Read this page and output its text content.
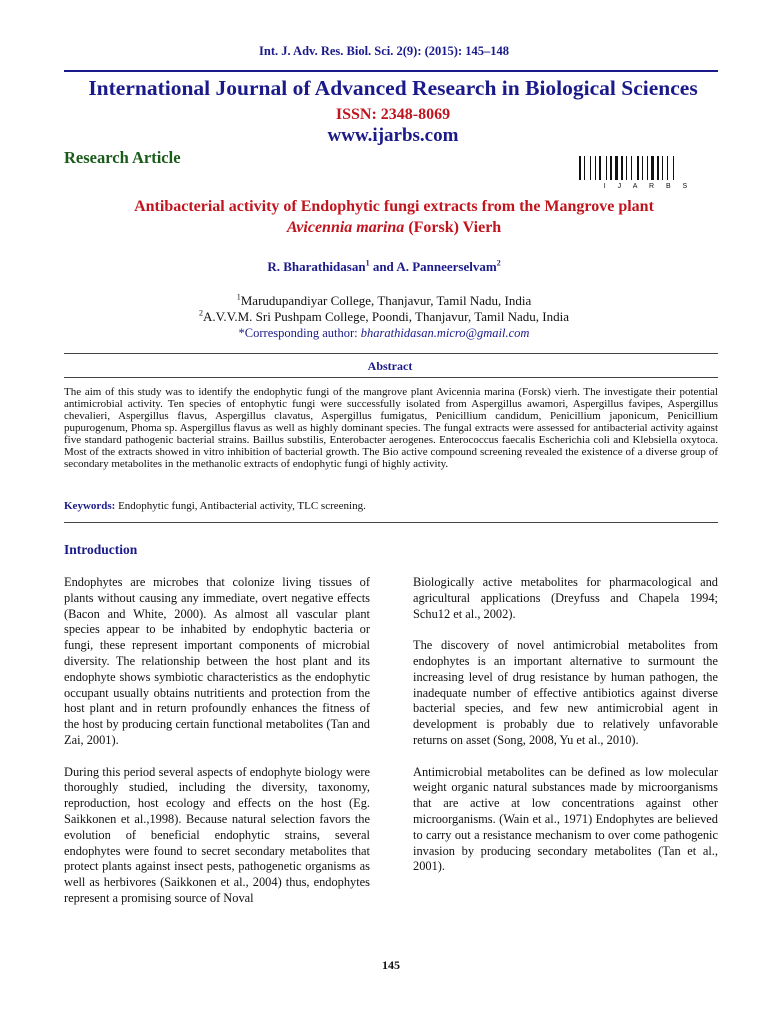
Int. J. Adv. Res. Biol. Sci. 2(9): (2015): 145–148
International Journal of Advanced Research in Biological Sciences
ISSN: 2348-8069
www.ijarbs.com
Research Article
I J A R B S
Antibacterial activity of Endophytic fungi extracts from the Mangrove plant
Avicennia marina (Forsk) Vierh
R. Bharathidasan$^1$ and A. Panneerselvam$^2$
$^1$Marudupandiyar College, Thanjavur, Tamil Nadu, India
$^2$A.V.V.M. Sri Pushpam College, Poondi, Thanjavur, Tamil Nadu, India
*Corresponding author: bharathidasan.micro@gmail.com
Abstract
The aim of this study was to identify the endophytic fungi of the mangrove plant Avicennia marina (Forsk) vierh. The investigate their potential antimicrobial activity. Ten species of entophytic fungi were successfully isolated from Aspergillus awamori, Aspergillus favipes, Aspergillus chevalieri, Aspergillus flavus, Aspergillus clavatus, Aspergillus fumigatus, Penicillium candidum, Penicillium japonicum, Penicillium pupurogenum, Phoma sp. Aspergillus flavus as well as highly dominant species. The fungal extracts were assessed for antibacterial activity against five standard pathogenic bacterial strains. Baillus substilis, Enterobacter aerogenes. Enterococcus faecalis Escherichia coli and Klebsiella oxytoca. Most of the extracts showed in vitro inhibition of bacterial growth. The Bio active compound screening revealed the existence of a diverse group of secondary metabolites in the methanolic extracts of endophytic fungi of highly activity.
Keywords: Endophytic fungi, Antibacterial activity, TLC screening.
Introduction

Endophytes are microbes that colonize living tissues of plants without causing any immediate, overt negative effects (Bacon and White, 2000). As almost all vascular plant species appear to be inhabited by endophytic bacteria or fungi, these represent important components of microbial diversity. The relationship between the host plant and its endophyte shows symbiotic characteristics as the endophytic occupant usually obtains nutritients and protection from the host plant and in return profoundly enhances the fitness of the host by producing certain functional metabolites (Tan and Zai, 2001).

During this period several aspects of endophyte biology were thoroughly studied, including the diversity, taxonomy, reproduction, host ecology and effects on the host (Eg. Saikkonen et al.,1998). Because natural selection favors the evolution of beneficial endophytic strains, several endophytes were found to secret secondary metabolites that protect plants against insect pests, pathogenetic organisms as well as herbivores (Saikkonen et al., 2004) thus, endophytes represent a promising source of Noval

Biologically active metabolites for pharmacological and agricultural applications (Dreyfuss and Chapela 1994; Schu12 et al., 2002).

The discovery of novel antimicrobial metabolites from endophytes is an important alternative to surmount the increasing level of drug resistance by human pathogen, the inadequate number of effective antibiotics against diverse bacterial species, and few new antimicrobial agent in development is probably due to relatively unfavorable returns on asset (Song, 2008, Yu et al., 2010).

Antimicrobial metabolites can be defined as low molecular weight organic natural substances made by microorganisms that are active at low concentrations against other microorganisms. (Wain et al., 1971) Endophytes are believed to carry out a resistance mechanism to over come pathogenic invasion by producing secondary metabolites (Tan et al., 2001).

145
